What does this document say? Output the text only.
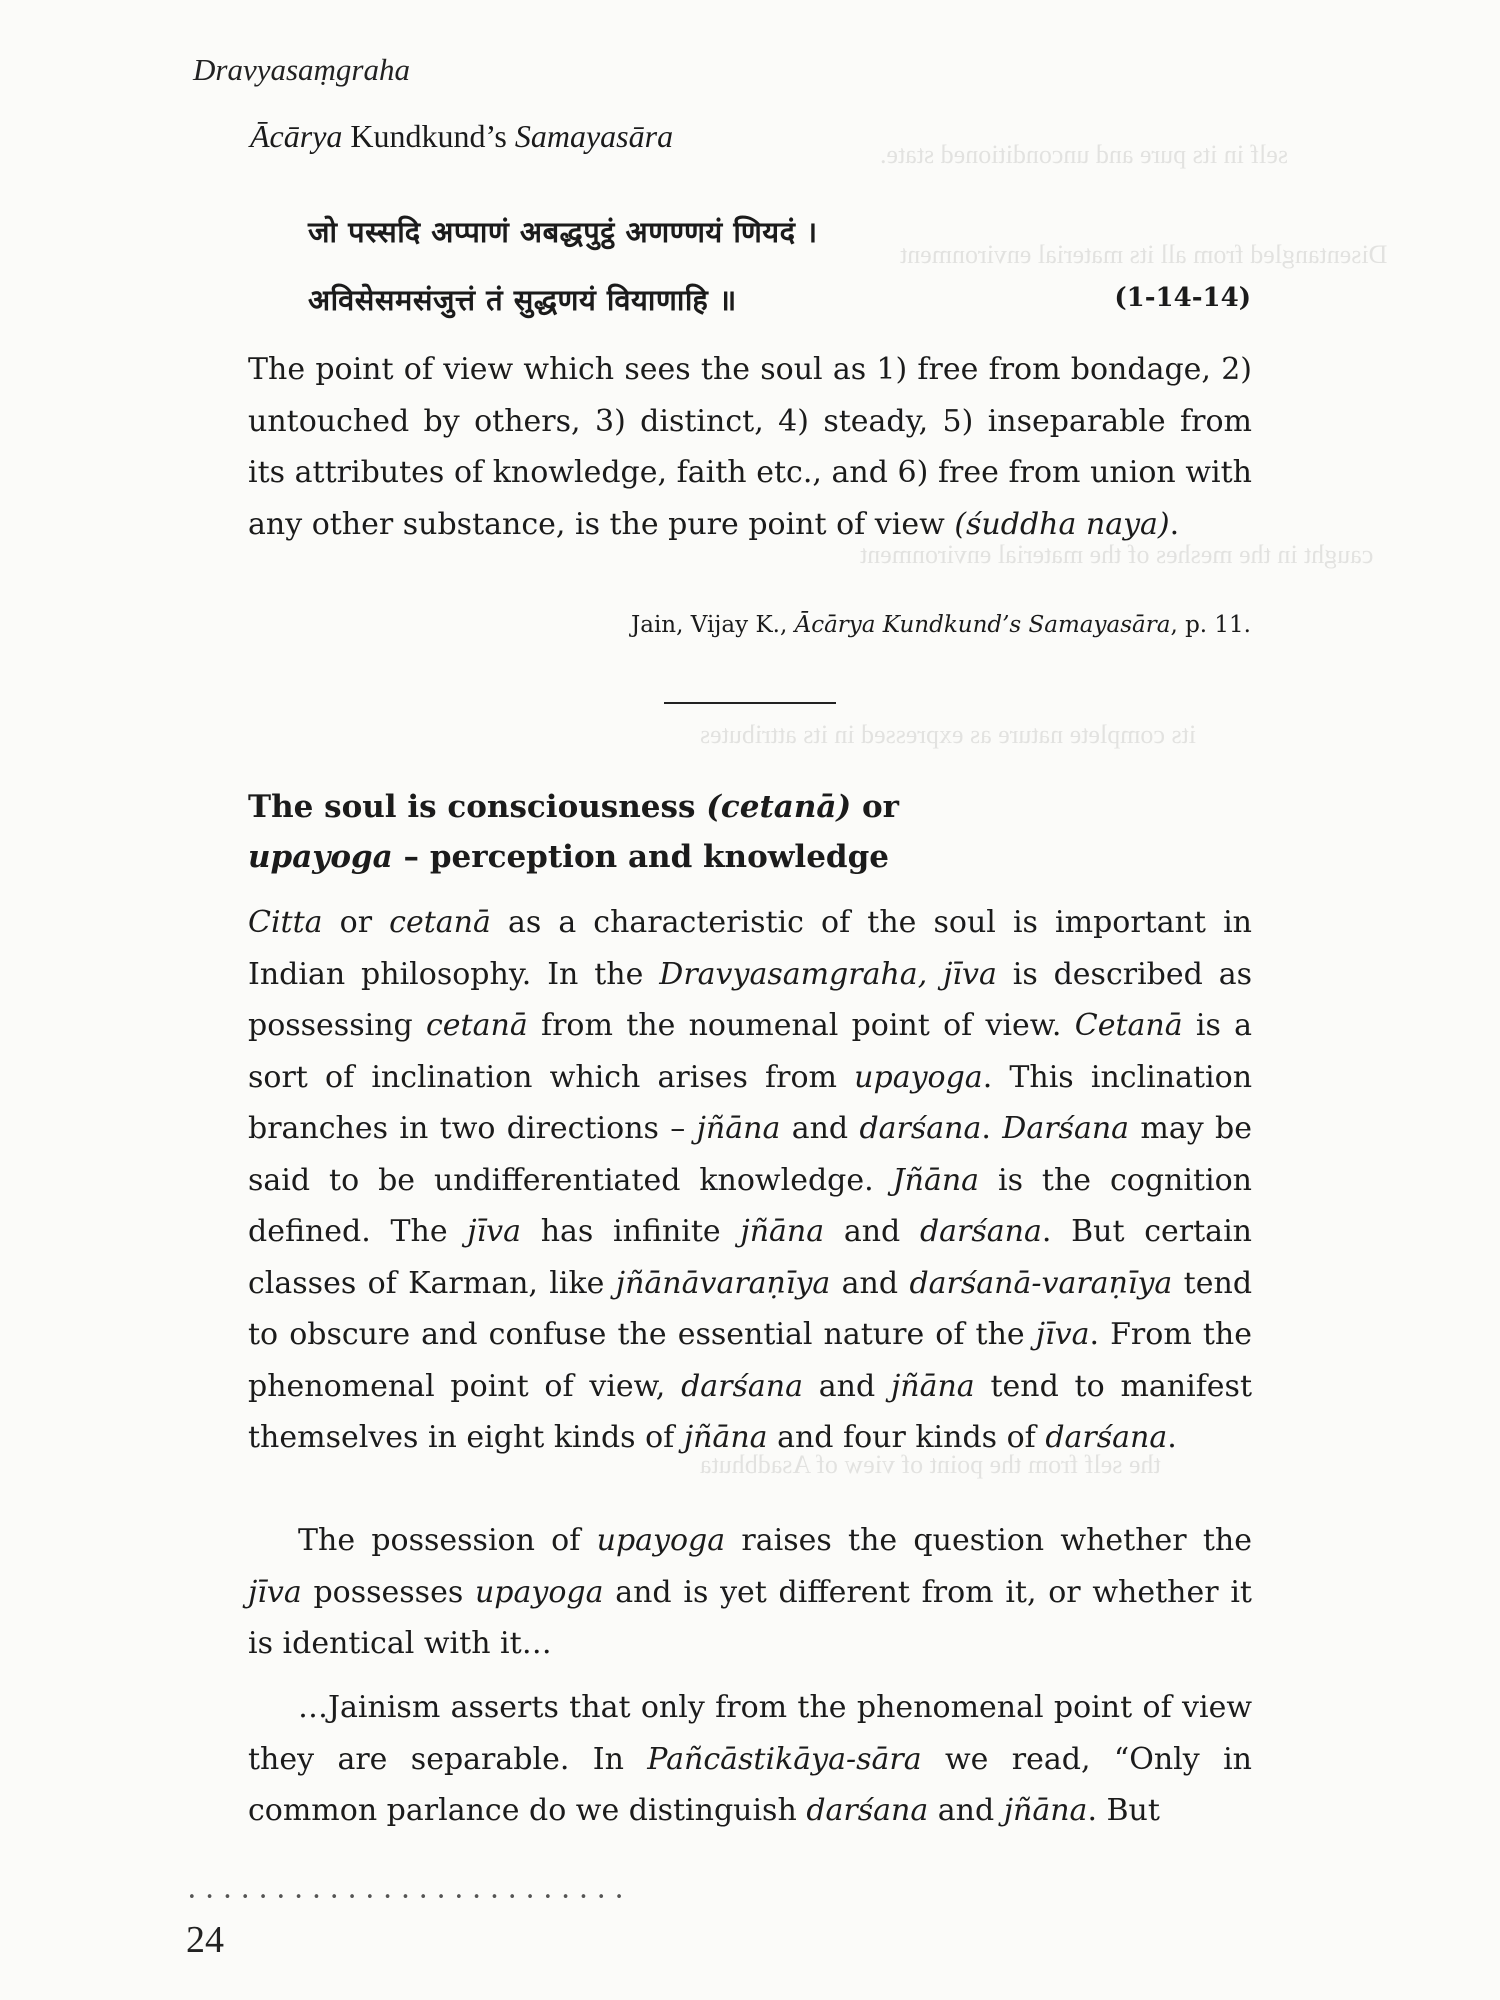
self in its pure and unconditioned state.
Disentangled from all its material environment
caught in the meshes of the material environment
its complete nature as expressed in its attributes
the self from the point of view of Asadbhuta
Dravyasaṃgraha
Ācārya Kundkund’s Samayasāra
जो पस्सदि अप्पाणं अबद्धपुट्ठं अणण्णयं णियदं ।
अविसेसमसंजुत्तं तं सुद्धणयं वियाणाहि ॥	(1-14-14)

The point of view which sees the soul as 1) free from bondage, 2) untouched by others, 3) distinct, 4) steady, 5) inseparable from its attributes of knowledge, faith etc., and 6) free from union with any other substance, is the pure point of view (śuddha naya).

Jain, Vijay K., Ācārya Kundkund’s Samayasāra, p. 11.
The soul is consciousness (cetanā) or
upayoga – perception and knowledge

Citta or cetanā as a characteristic of the soul is important in Indian philosophy. In the Dravyasamgraha, jīva is described as possessing cetanā from the noumenal point of view. Cetanā is a sort of inclination which arises from upayoga. This inclination branches in two directions – jñāna and darśana. Darśana may be said to be undifferentiated knowledge. Jñāna is the cognition defined. The jīva has infinite jñāna and darśana. But certain classes of Karman, like jñānāvaraṇīya and darśanā-varaṇīya tend to obscure and confuse the essential nature of the jīva. From the phenomenal point of view, darśana and jñāna tend to manifest themselves in eight kinds of jñāna and four kinds of darśana.

The possession of upayoga raises the question whether the jīva possesses upayoga and is yet different from it, or whether it is identical with it…

…Jainism asserts that only from the phenomenal point of view they are separable. In Pañcāstikāya-sāra we read, “Only in common parlance do we distinguish darśana and jñāna. But

• • • • • • • • • • • • • • • • • • • • • • • • •
24
